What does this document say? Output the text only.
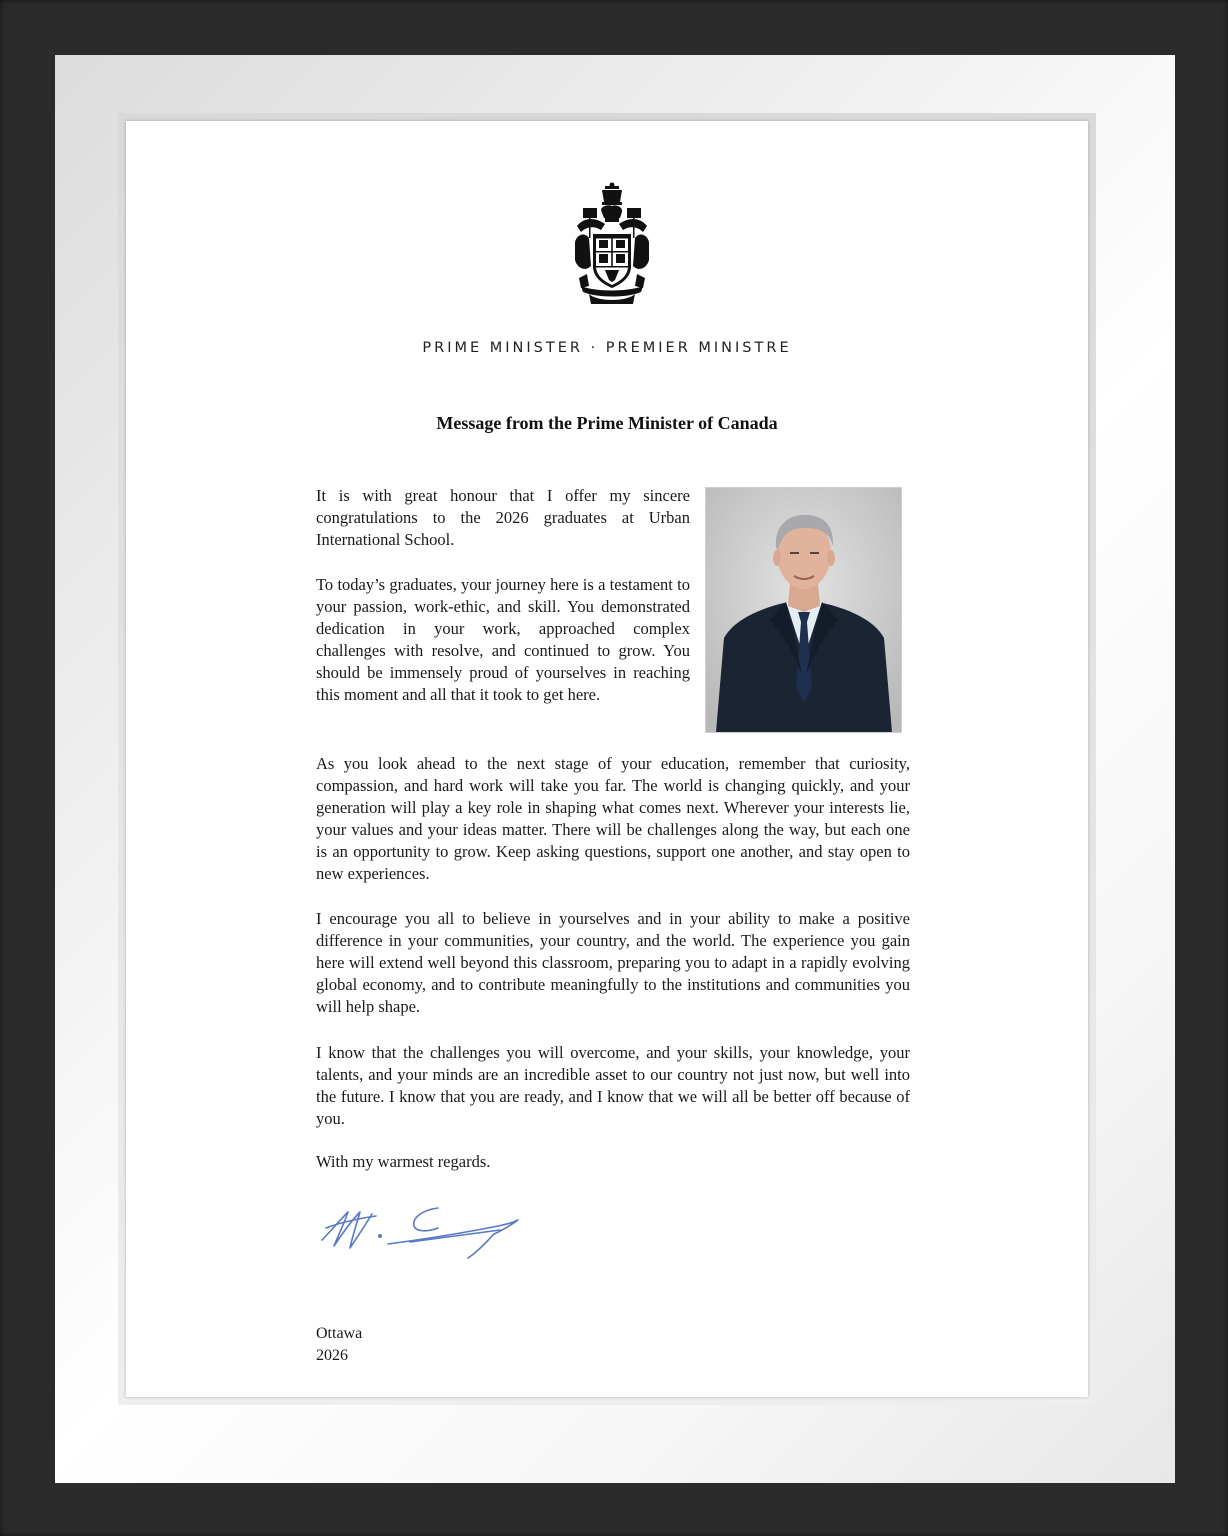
PRIME MINISTER · PREMIER MINISTRE
Message from the Prime Minister of Canada
It is with great honour that I offer my sincere congratulations to the 2026 graduates at Urban International School.
To today’s graduates, your journey here is a testament to your passion, work-ethic, and skill. You demonstrated dedication in your work, approached complex challenges with resolve, and continued to grow. You should be immensely proud of yourselves in reaching this moment and all that it took to get here.
As you look ahead to the next stage of your education, remember that curiosity, compassion, and hard work will take you far. The world is changing quickly, and your generation will play a key role in shaping what comes next. Wherever your interests lie, your values and your ideas matter. There will be challenges along the way, but each one is an opportunity to grow. Keep asking questions, support one another, and stay open to new experiences.
I encourage you all to believe in yourselves and in your ability to make a positive difference in your communities, your country, and the world. The experience you gain here will extend well beyond this classroom, preparing you to adapt in a rapidly evolving global economy, and to contribute meaningfully to the institutions and communities you will help shape.
I know that the challenges you will overcome, and your skills, your knowledge, your talents, and your minds are an incredible asset to our country not just now, but well into the future. I know that you are ready, and I know that we will all be better off because of you.
With my warmest regards.
Ottawa
2026
